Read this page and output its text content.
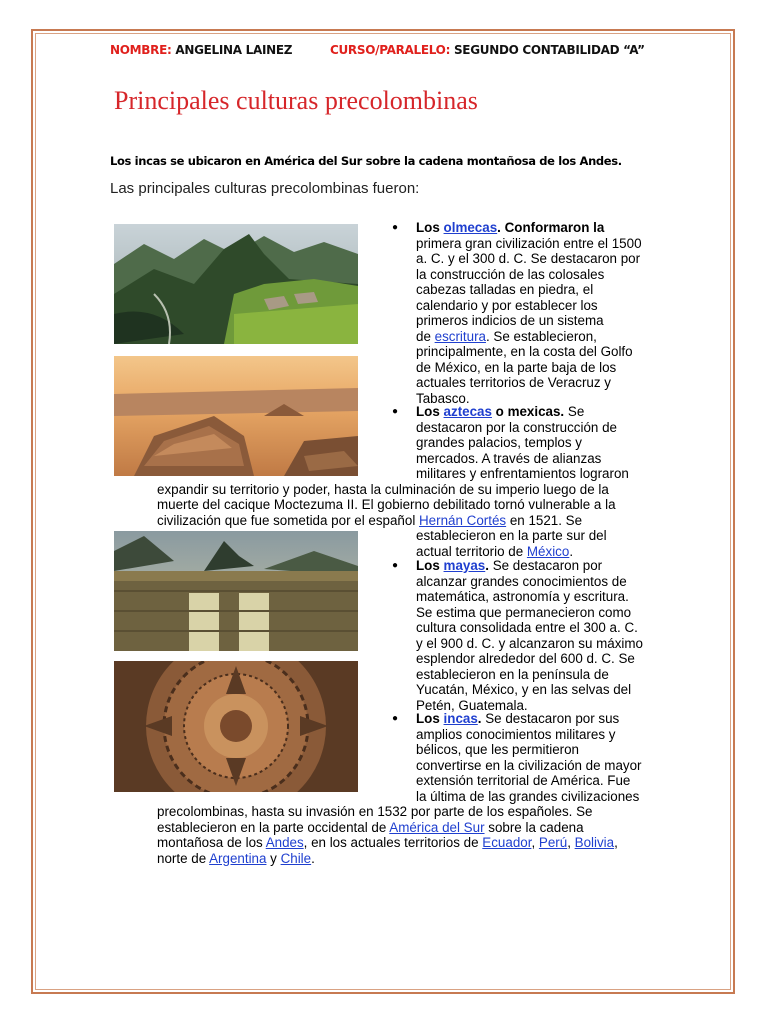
NOMBRE: ANGELINA LAINEZ	CURSO/PARALELO: SEGUNDO CONTABILIDAD “A”
Principales culturas precolombinas
Los incas se ubicaron en América del Sur sobre la cadena montañosa de los Andes.
Las principales culturas precolombinas fueron:
●
●
●
●
Los olmecas. Conformaron la
primera gran civilización entre el 1500
a. C. y el 300 d. C. Se destacaron por
la construcción de las colosales
cabezas talladas en piedra, el
calendario y por establecer los
primeros indicios de un sistema
de escritura. Se establecieron,
principalmente, en la costa del Golfo
de México, en la parte baja de los
actuales territorios de Veracruz y
Tabasco.
Los aztecas o mexicas. Se
destacaron por la construcción de
grandes palacios, templos y
mercados. A través de alianzas
militares y enfrentamientos lograron
expandir su territorio y poder, hasta la culminación de su imperio luego de la
muerte del cacique Moctezuma II. El gobierno debilitado tornó vulnerable a la
civilización que fue sometida por el español Hernán Cortés en 1521. Se
establecieron en la parte sur del
actual territorio de México.
Los mayas. Se destacaron por
alcanzar grandes conocimientos de
matemática, astronomía y escritura.
Se estima que permanecieron como
cultura consolidada entre el 300 a. C.
y el 900 d. C. y alcanzaron su máximo
esplendor alrededor del 600 d. C. Se
establecieron en la península de
Yucatán, México, y en las selvas del
Petén, Guatemala.
Los incas. Se destacaron por sus
amplios conocimientos militares y
bélicos, que les permitieron
convertirse en la civilización de mayor
extensión territorial de América. Fue
la última de las grandes civilizaciones
precolombinas, hasta su invasión en 1532 por parte de los españoles. Se
establecieron en la parte occidental de América del Sur sobre la cadena
montañosa de los Andes, en los actuales territorios de Ecuador, Perú, Bolivia,
norte de Argentina y Chile.
